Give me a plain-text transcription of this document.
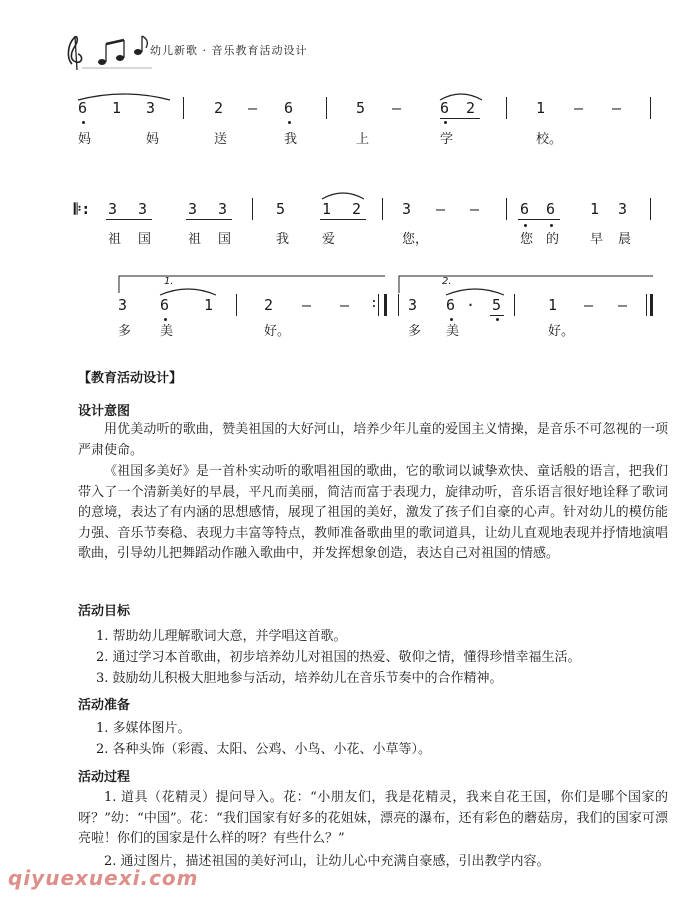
幼儿新歌 · 音乐教育活动设计
6 1 3	2 — 6	5 —	6 2	1 — —
妈	妈	送	我	上	学	校。
𝄆: 3 3	3 3	5 1 2	3 — —	6 6 1 3
祖 国	祖 国	我	爱	您，	您 的 早 晨
1.	2.
3 6 1	2 — — : 3 6 · 5	1 — —
多 美	好。	多 美	好。
【教育活动设计】
设计意图

用优美动听的歌曲，赞美祖国的大好河山，培养少年儿童的爱国主义情操，是音乐不可忽视的一项严肃使命。

《祖国多美好》是一首朴实动听的歌唱祖国的歌曲，它的歌词以诚挚欢快、童话般的语言，把我们带入了一个清新美好的早晨，平凡而美丽，简洁而富于表现力，旋律动听，音乐语言很好地诠释了歌词的意境，表达了有内涵的思想感情，展现了祖国的美好，激发了孩子们自豪的心声。针对幼儿的模仿能力强、音乐节奏稳、表现力丰富等特点，教师准备歌曲里的歌词道具，让幼儿直观地表现并抒情地演唱歌曲，引导幼儿把舞蹈动作融入歌曲中，并发挥想象创造，表达自己对祖国的情感。

活动目标

1. 帮助幼儿理解歌词大意，并学唱这首歌。

2. 通过学习本首歌曲，初步培养幼儿对祖国的热爱、敬仰之情，懂得珍惜幸福生活。

3. 鼓励幼儿积极大胆地参与活动，培养幼儿在音乐节奏中的合作精神。

活动准备

1. 多媒体图片。

2. 各种头饰（彩霞、太阳、公鸡、小鸟、小花、小草等）。

活动过程

1. 道具（花精灵）提问导入。花：“小朋友们，我是花精灵，我来自花王国，你们是哪个国家的呀？”幼：“中国”。花：“我们国家有好多的花姐妹，漂亮的瀑布，还有彩色的蘑菇房，我们的国家可漂亮啦！你们的国家是什么样的呀？有些什么？”

2. 通过图片，描述祖国的美好河山，让幼儿心中充满自豪感，引出教学内容。

qiyuexuexi.com
